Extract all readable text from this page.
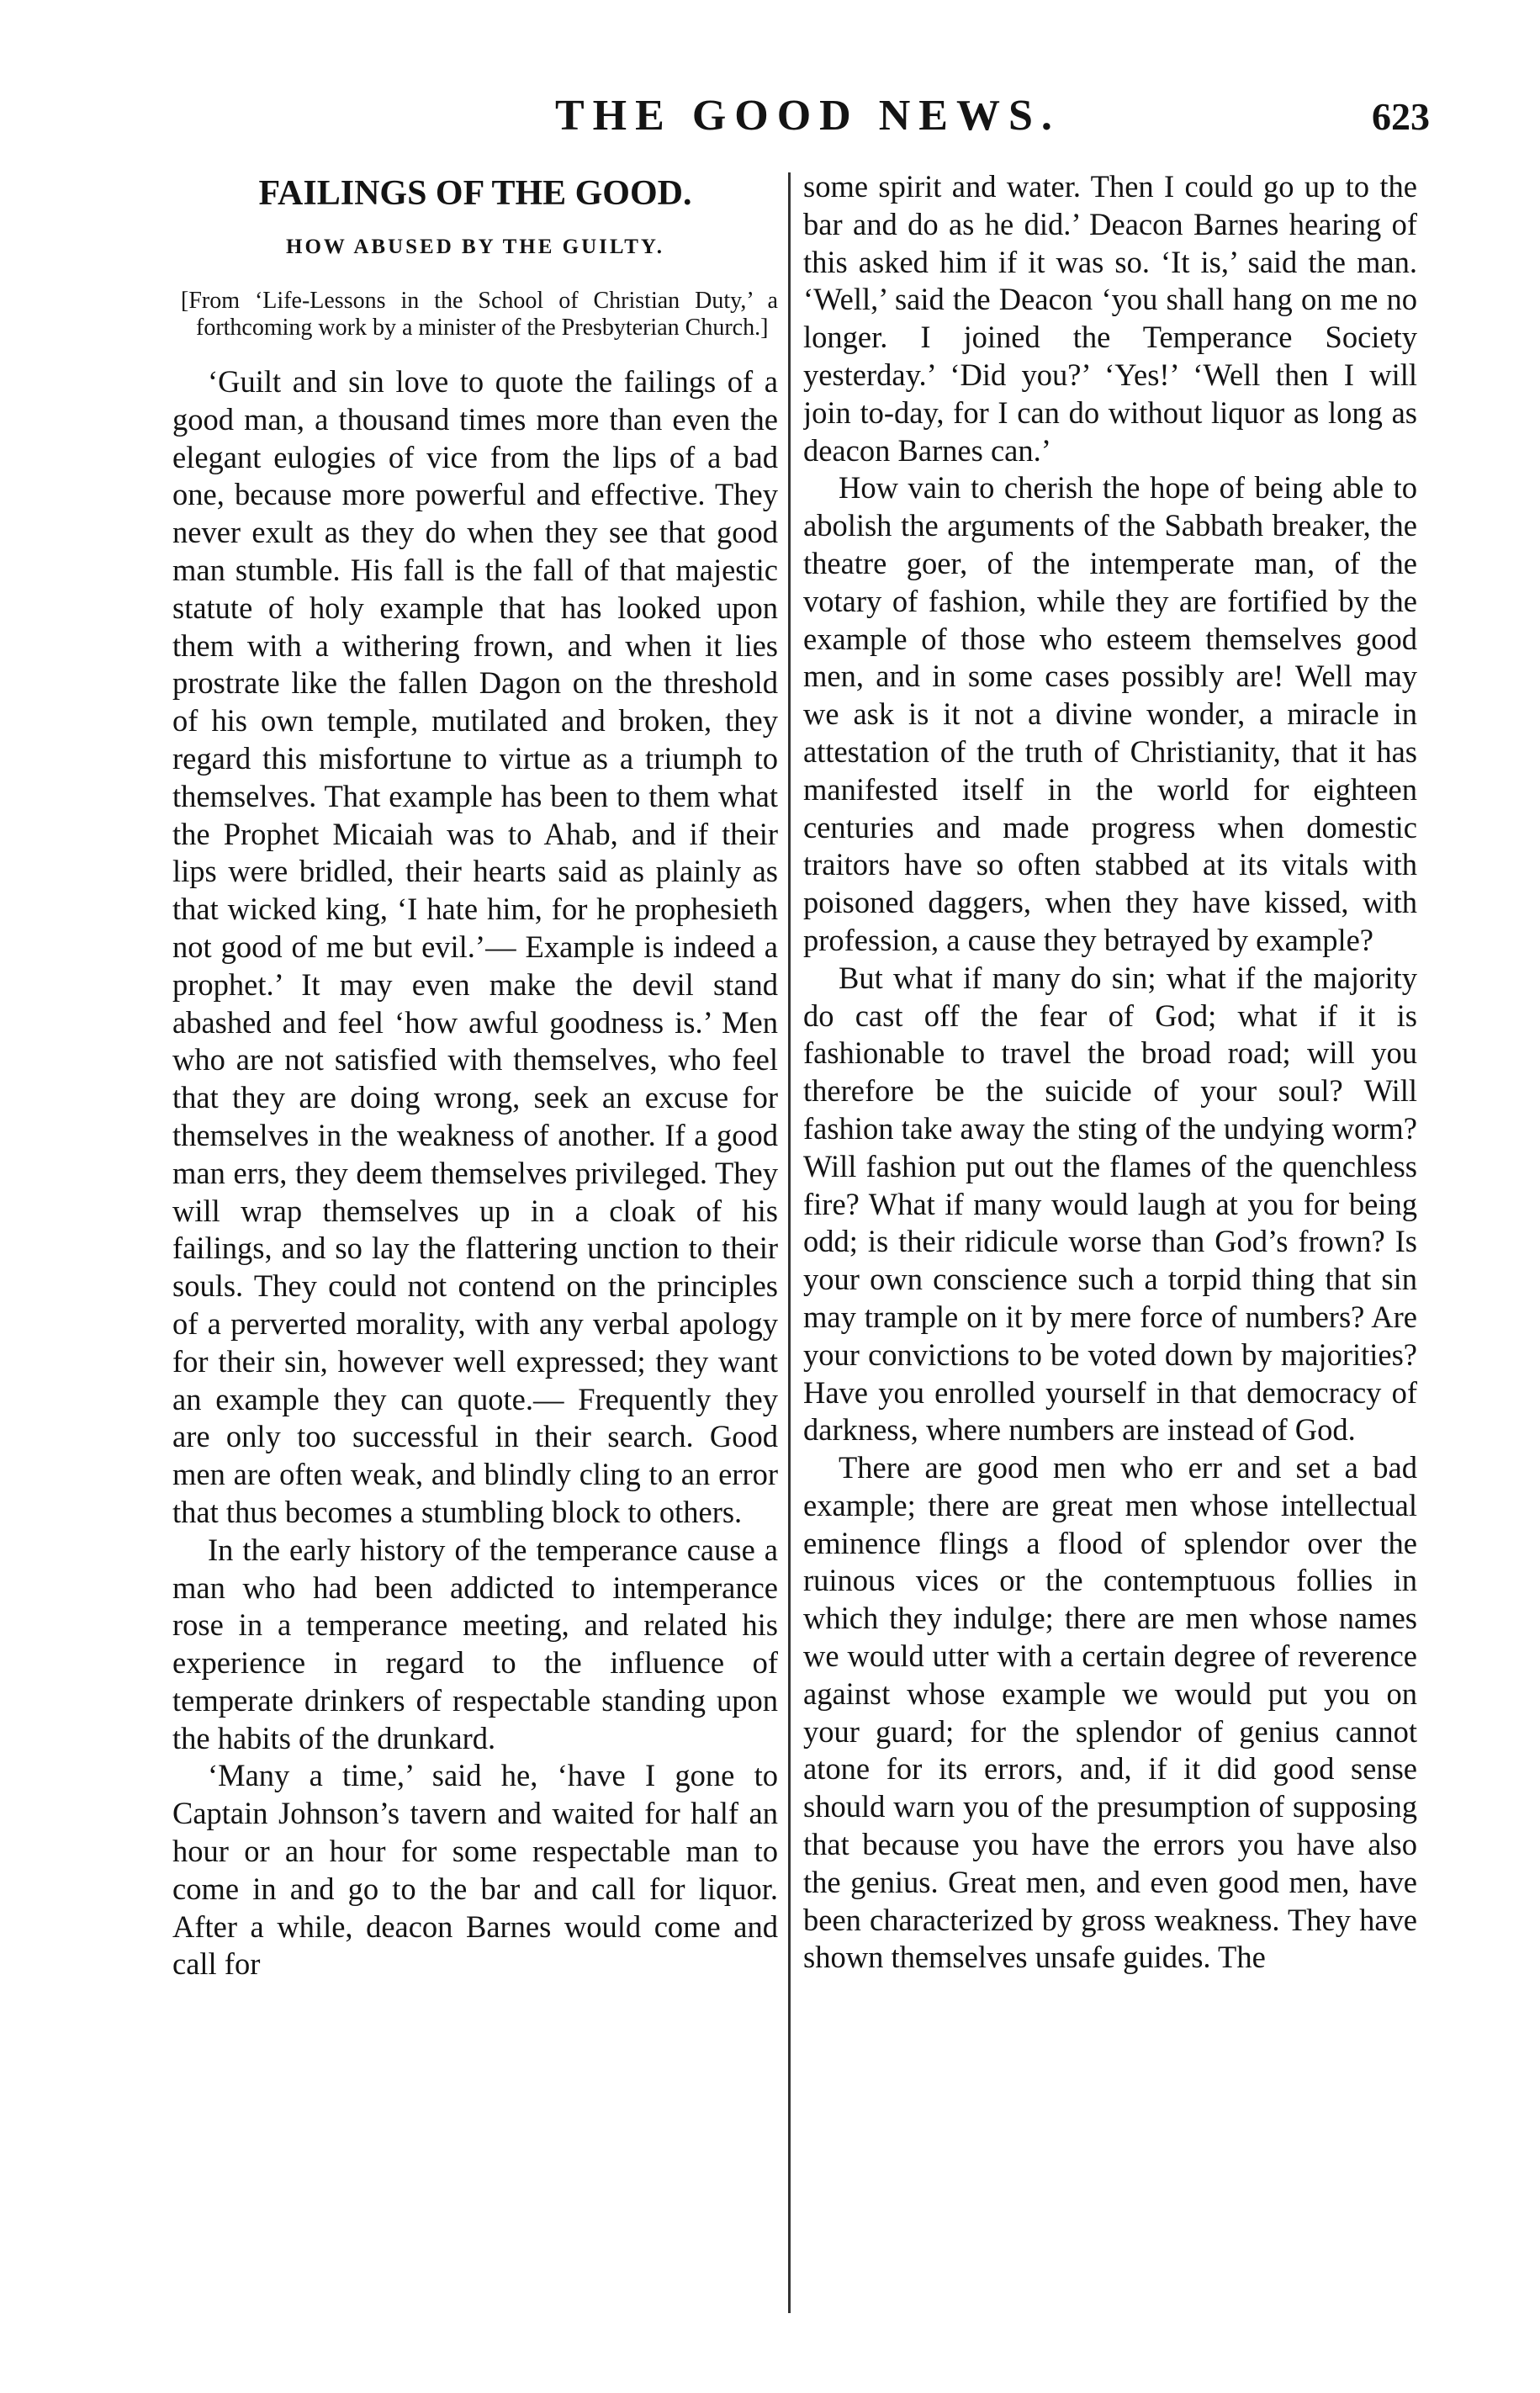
THE GOOD NEWS.	623

FAILINGS OF THE GOOD.

HOW ABUSED BY THE GUILTY.

[From ‘Life-Lessons in the School of Christian Duty,’ a forthcoming work by a minister of the Presbyterian Church.]

‘Guilt and sin love to quote the failings of a good man, a thousand times more than even the elegant eulogies of vice from the lips of a bad one, because more powerful and effective. They never exult as they do when they see that good man stumble. His fall is the fall of that majestic statute of holy example that has looked upon them with a withering frown, and when it lies prostrate like the fallen Dagon on the threshold of his own temple, mutilated and broken, they regard this misfortune to virtue as a triumph to themselves. That example has been to them what the Prophet Micaiah was to Ahab, and if their lips were bridled, their hearts said as plainly as that wicked king, ‘I hate him, for he prophesieth not good of me but evil.’— Example is indeed a prophet.’ It may even make the devil stand abashed and feel ‘how awful goodness is.’ Men who are not satisfied with themselves, who feel that they are doing wrong, seek an excuse for themselves in the weakness of another. If a good man errs, they deem themselves privileged. They will wrap themselves up in a cloak of his failings, and so lay the flattering unction to their souls. They could not contend on the principles of a perverted morality, with any verbal apology for their sin, however well expressed; they want an example they can quote.— Frequently they are only too successful in their search. Good men are often weak, and blindly cling to an error that thus becomes a stumbling block to others.

In the early history of the temperance cause a man who had been addicted to intemperance rose in a temperance meeting, and related his experience in regard to the influence of temperate drinkers of respectable standing upon the habits of the drunkard.

‘Many a time,’ said he, ‘have I gone to Captain Johnson’s tavern and waited for half an hour or an hour for some respectable man to come in and go to the bar and call for liquor. After a while, deacon Barnes would come and call for

some spirit and water. Then I could go up to the bar and do as he did.’ Deacon Barnes hearing of this asked him if it was so. ‘It is,’ said the man. ‘Well,’ said the Deacon ‘you shall hang on me no longer. I joined the Temperance Society yesterday.’ ‘Did you?’ ‘Yes!’ ‘Well then I will join to-day, for I can do without liquor as long as deacon Barnes can.’

How vain to cherish the hope of being able to abolish the arguments of the Sabbath breaker, the theatre goer, of the intemperate man, of the votary of fashion, while they are fortified by the example of those who esteem themselves good men, and in some cases possibly are! Well may we ask is it not a divine wonder, a miracle in attestation of the truth of Christianity, that it has manifested itself in the world for eighteen centuries and made progress when domestic traitors have so often stabbed at its vitals with poisoned daggers, when they have kissed, with profession, a cause they betrayed by example?

But what if many do sin; what if the majority do cast off the fear of God; what if it is fashionable to travel the broad road; will you therefore be the suicide of your soul? Will fashion take away the sting of the undying worm? Will fashion put out the flames of the quenchless fire? What if many would laugh at you for being odd; is their ridicule worse than God’s frown? Is your own conscience such a torpid thing that sin may trample on it by mere force of numbers? Are your convictions to be voted down by majorities? Have you enrolled yourself in that democracy of darkness, where numbers are instead of God.

There are good men who err and set a bad example; there are great men whose intellectual eminence flings a flood of splendor over the ruinous vices or the contemptuous follies in which they indulge; there are men whose names we would utter with a certain degree of reverence against whose example we would put you on your guard; for the splendor of genius cannot atone for its errors, and, if it did good sense should warn you of the presumption of supposing that because you have the errors you have also the genius. Great men, and even good men, have been characterized by gross weakness. They have shown themselves unsafe guides. The
